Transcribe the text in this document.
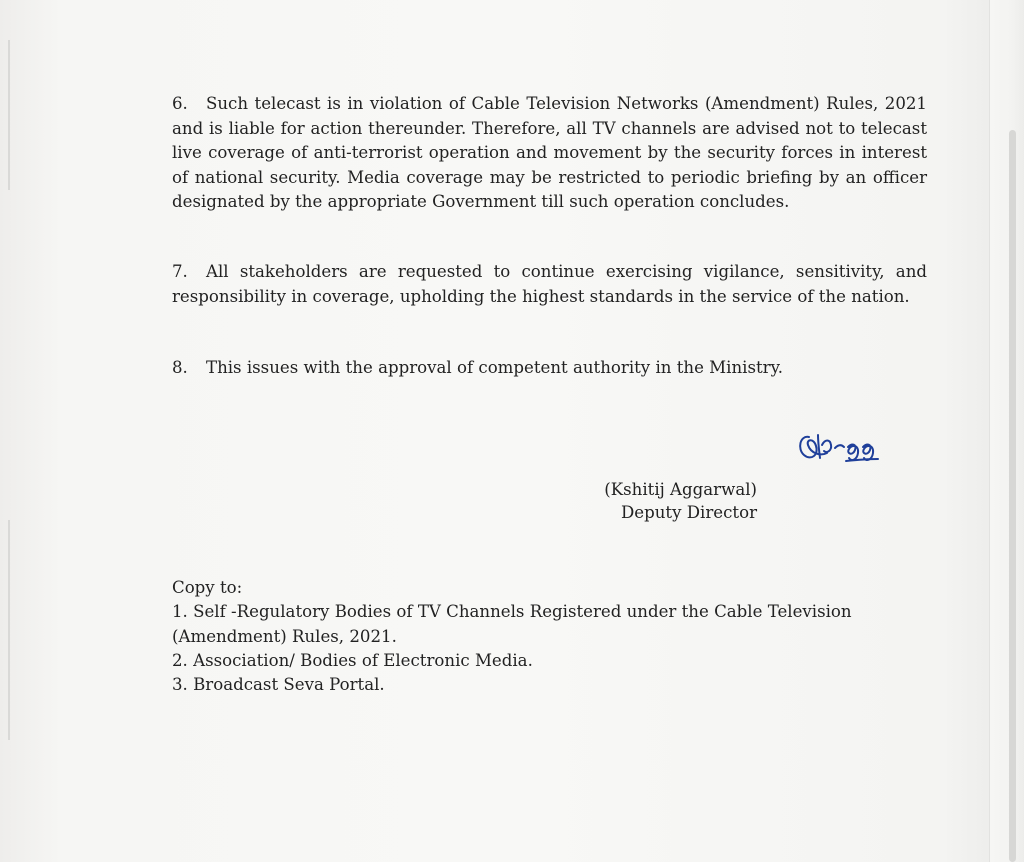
6. Such telecast is in violation of Cable Television Networks (Amendment) Rules, 2021 and is liable for action thereunder. Therefore, all TV channels are advised not to telecast live coverage of anti-terrorist operation and movement by the security forces in interest of national security. Media coverage may be restricted to periodic briefing by an officer designated by the appropriate Government till such operation concludes.
7. All stakeholders are requested to continue exercising vigilance, sensitivity, and responsibility in coverage, upholding the highest standards in the service of the nation.
8. This issues with the approval of competent authority in the Ministry.
Copy to:
1. Self -Regulatory Bodies of TV Channels Registered under the Cable Television
(Amendment) Rules, 2021.
2. Association/ Bodies of Electronic Media.
3. Broadcast Seva Portal.
(Kshitij Aggarwal)
Deputy Director
